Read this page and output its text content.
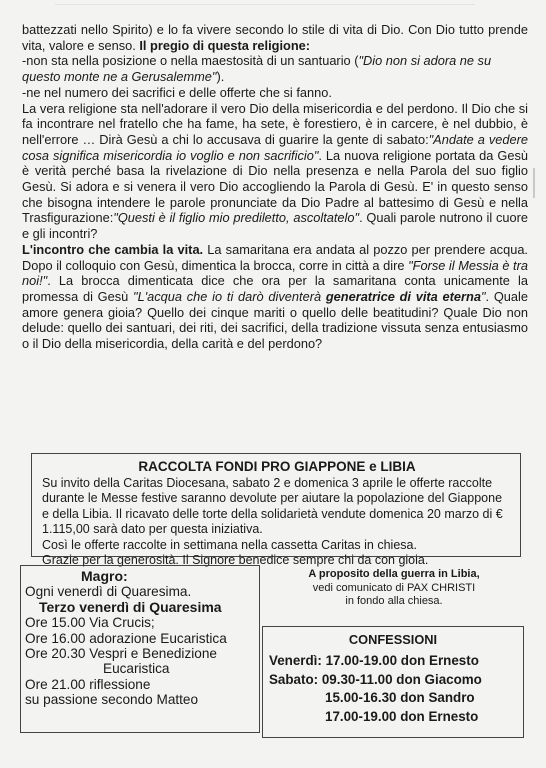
battezzati nello Spirito) e lo fa vivere secondo lo stile di vita di Dio. Con Dio tutto prende vita, valore e senso. Il pregio di questa religione:

-non sta nella posizione o nella maestosità di un santuario ("Dio non si adora ne su questo monte ne a Gerusalemme").

-ne nel numero dei sacrifici e delle offerte che si fanno.

La vera religione sta nell'adorare il vero Dio della misericordia e del perdono. Il Dio che si fa incontrare nel fratello che ha fame, ha sete, è forestiero, è in carcere, è nel dubbio, è nell'errore … Dirà Gesù a chi lo accusava di guarire la gente di sabato:"Andate a vedere cosa significa misericordia io voglio e non sacrificio". La nuova religione portata da Gesù è verità perché basa la rivelazione di Dio nella presenza e nella Parola del suo figlio Gesù. Si adora e si venera il vero Dio accogliendo la Parola di Gesù. E' in questo senso che bisogna intendere le parole pronunciate da Dio Padre al battesimo di Gesù e nella Trasfigurazione:"Questi è il figlio mio prediletto, ascoltatelo". Quali parole nutrono il cuore e gli incontri?

L'incontro che cambia la vita. La samaritana era andata al pozzo per prendere acqua. Dopo il colloquio con Gesù, dimentica la brocca, corre in città a dire "Forse il Messia è tra noi!". La brocca dimenticata dice che ora per la samaritana conta unicamente la promessa di Gesù "L'acqua che io ti darò diventerà generatrice di vita eterna". Quale amore genera gioia? Quello dei cinque mariti o quello delle beatitudini? Quale Dio non delude: quello dei santuari, dei riti, dei sacrifici, della tradizione vissuta senza entusiasmo o il Dio della misericordia, della carità e del perdono?

RACCOLTA FONDI PRO GIAPPONE e LIBIA

Su invito della Caritas Diocesana, sabato 2 e domenica 3 aprile le offerte raccolte durante le Messe festive saranno devolute per aiutare la popolazione del Giappone e della Libia. Il ricavato delle torte della solidarietà vendute domenica 20 marzo di € 1.115,00 sarà dato per questa iniziativa.

Così le offerte raccolte in settimana nella cassetta Caritas in chiesa.

Grazie per la generosità. Il Signore benedice sempre chi da con gioia.

Magro:
Ogni venerdì di Quaresima.
Terzo venerdì di Quaresima
Ore 15.00 Via Crucis;
Ore 16.00 adorazione Eucaristica
Ore 20.30 Vespri e Benedizione
Eucaristica
Ore 21.00 riflessione
su passione secondo Matteo
A proposito della guerra in Libia,
vedi comunicato di PAX CHRISTI
in fondo alla chiesa.
CONFESSIONI
Venerdì: 17.00-19.00 don Ernesto
Sabato: 09.30-11.00 don Giacomo
15.00-16.30 don Sandro
17.00-19.00 don Ernesto
